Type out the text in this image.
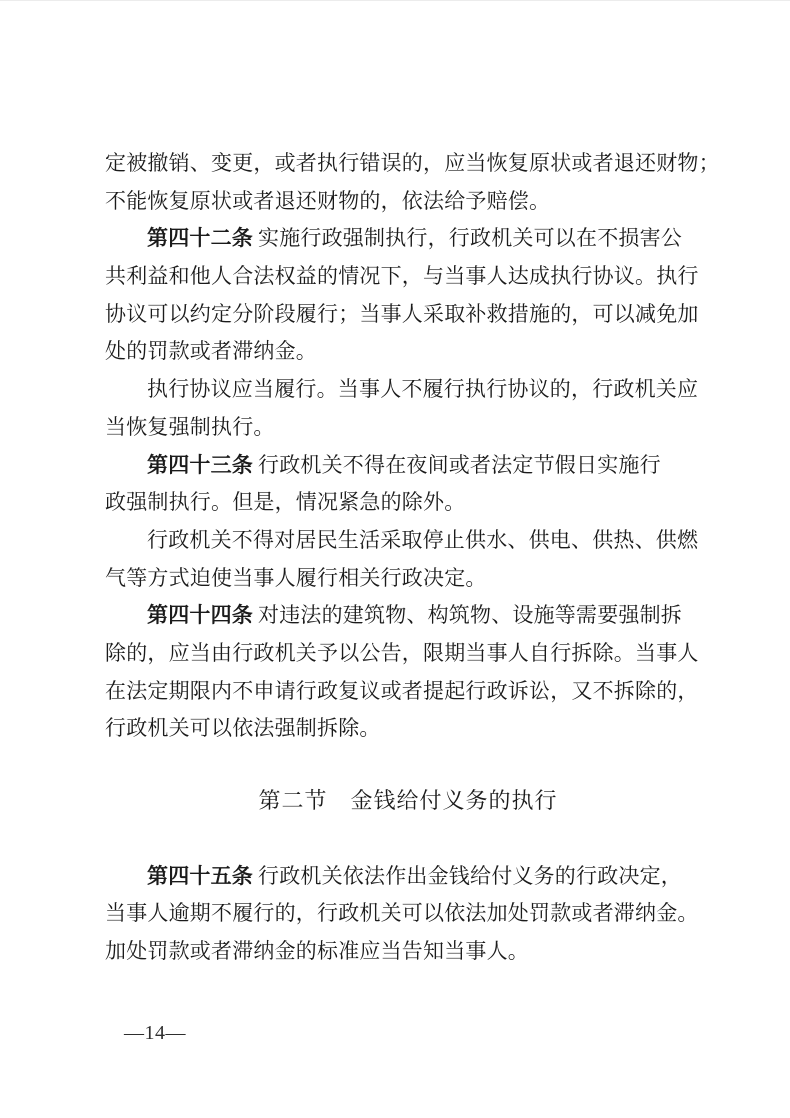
定被撤销、变更，或者执行错误的，应当恢复原状或者退还财物；
不能恢复原状或者退还财物的，依法给予赔偿。
第四十二条 实施行政强制执行，行政机关可以在不损害公
共利益和他人合法权益的情况下，与当事人达成执行协议。执行
协议可以约定分阶段履行；当事人采取补救措施的，可以减免加
处的罚款或者滞纳金。
执行协议应当履行。当事人不履行执行协议的，行政机关应
当恢复强制执行。
第四十三条 行政机关不得在夜间或者法定节假日实施行
政强制执行。但是，情况紧急的除外。
行政机关不得对居民生活采取停止供水、供电、供热、供燃
气等方式迫使当事人履行相关行政决定。
第四十四条 对违法的建筑物、构筑物、设施等需要强制拆
除的，应当由行政机关予以公告，限期当事人自行拆除。当事人
在法定期限内不申请行政复议或者提起行政诉讼，又不拆除的，
行政机关可以依法强制拆除。
第二节　金钱给付义务的执行
第四十五条 行政机关依法作出金钱给付义务的行政决定，
当事人逾期不履行的，行政机关可以依法加处罚款或者滞纳金。
加处罚款或者滞纳金的标准应当告知当事人。
—14—
